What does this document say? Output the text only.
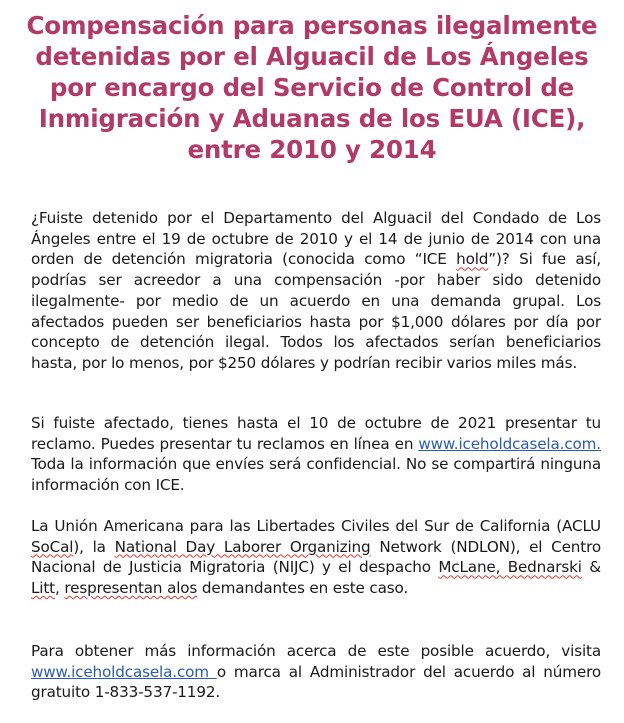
Compensación para personas ilegalmente detenidas por el Alguacil de Los Ángeles por encargo del Servicio de Control de Inmigración y Aduanas de los EUA (ICE), entre 2010 y 2014

¿Fuiste detenido por el Departamento del Alguacil del Condado de Los Ángeles entre el 19 de octubre de 2010 y el 14 de junio de 2014 con una orden de detención migratoria (conocida como “ICE hold”)? Si fue así, podrías ser acreedor a una compensación -por haber sido detenido ilegalmente- por medio de un acuerdo en una demanda grupal. Los afectados pueden ser beneficiarios hasta por $1,000 dólares por día por concepto de detención ilegal. Todos los afectados serían beneficiarios hasta, por lo menos, por $250 dólares y podrían recibir varios miles más.

Si fuiste afectado, tienes hasta el 10 de octubre de 2021 presentar tu reclamo. Puedes presentar tu reclamos en línea en www.iceholdcasela.com. Toda la información que envíes será confidencial. No se compartirá ninguna información con ICE.

La Unión Americana para las Libertades Civiles del Sur de California (ACLU SoCal), la National Day Laborer Organizing Network (NDLON), el Centro Nacional de Justicia Migratoria (NIJC) y el despacho McLane, Bednarski & Litt, respresentan alos demandantes en este caso.

Para obtener más información acerca de este posible acuerdo, visita www.iceholdcasela.com o marca al Administrador del acuerdo al número gratuito 1-833-537-1192.
